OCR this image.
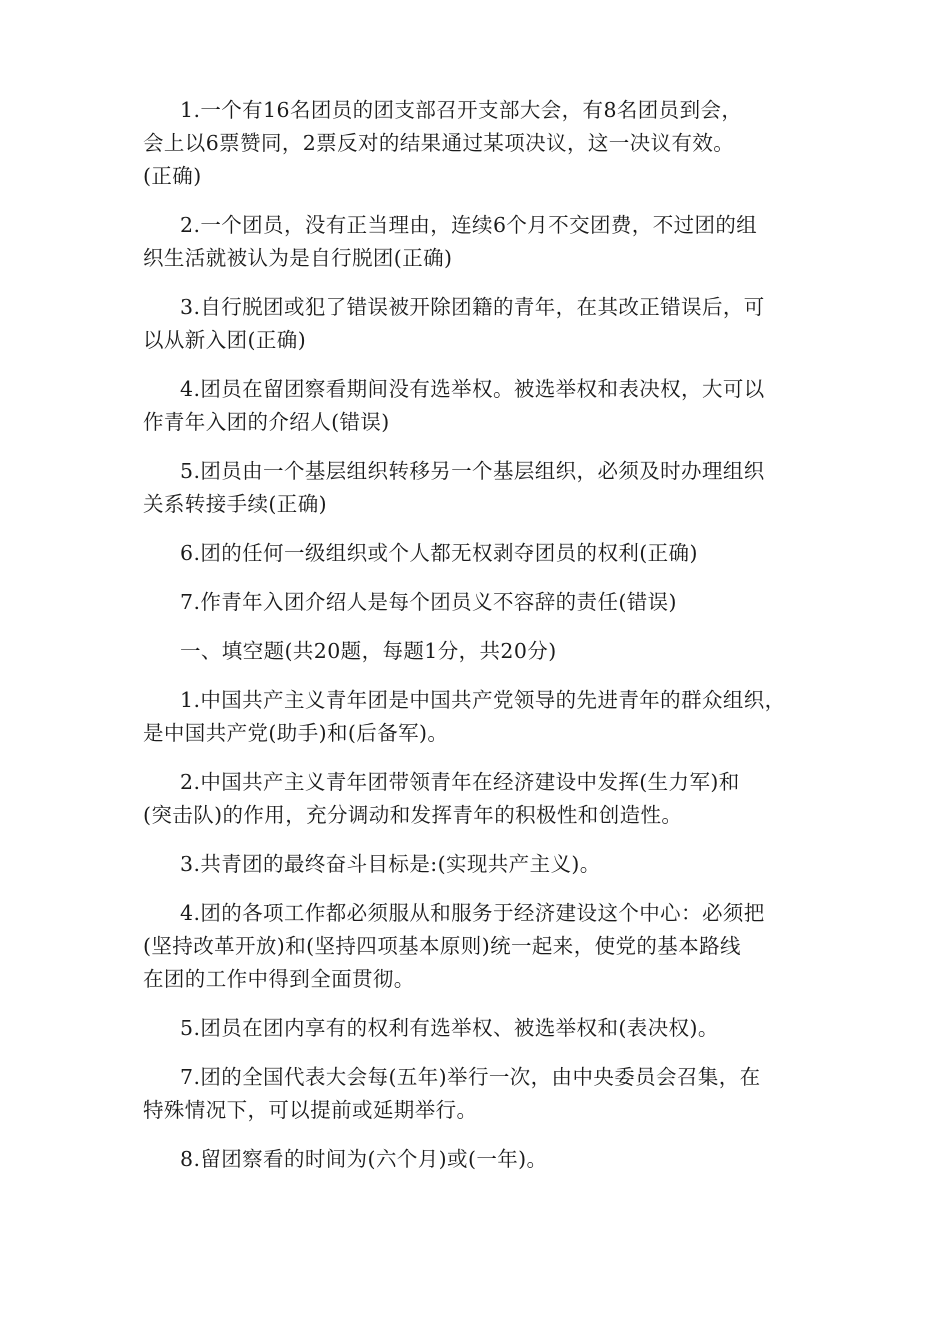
1.一个有16名团员的团支部召开支部大会，有8名团员到会，
会上以6票赞同，2票反对的结果通过某项决议，这一决议有效。
(正确)

2.一个团员，没有正当理由，连续6个月不交团费，不过团的组
织生活就被认为是自行脱团(正确)

3.自行脱团或犯了错误被开除团籍的青年，在其改正错误后，可
以从新入团(正确)

4.团员在留团察看期间没有选举权。被选举权和表决权，大可以
作青年入团的介绍人(错误)

5.团员由一个基层组织转移另一个基层组织，必须及时办理组织
关系转接手续(正确)

6.团的任何一级组织或个人都无权剥夺团员的权利(正确)

7.作青年入团介绍人是每个团员义不容辞的责任(错误)

一、填空题(共20题，每题1分，共20分)

1.中国共产主义青年团是中国共产党领导的先进青年的群众组织，
是中国共产党(助手)和(后备军)。

2.中国共产主义青年团带领青年在经济建设中发挥(生力军)和
(突击队)的作用，充分调动和发挥青年的积极性和创造性。

3.共青团的最终奋斗目标是:(实现共产主义)。

4.团的各项工作都必须服从和服务于经济建设这个中心：必须把
(坚持改革开放)和(坚持四项基本原则)统一起来，使党的基本路线
在团的工作中得到全面贯彻。

5.团员在团内享有的权利有选举权、被选举权和(表决权)。

7.团的全国代表大会每(五年)举行一次，由中央委员会召集，在
特殊情况下，可以提前或延期举行。

8.留团察看的时间为(六个月)或(一年)。
